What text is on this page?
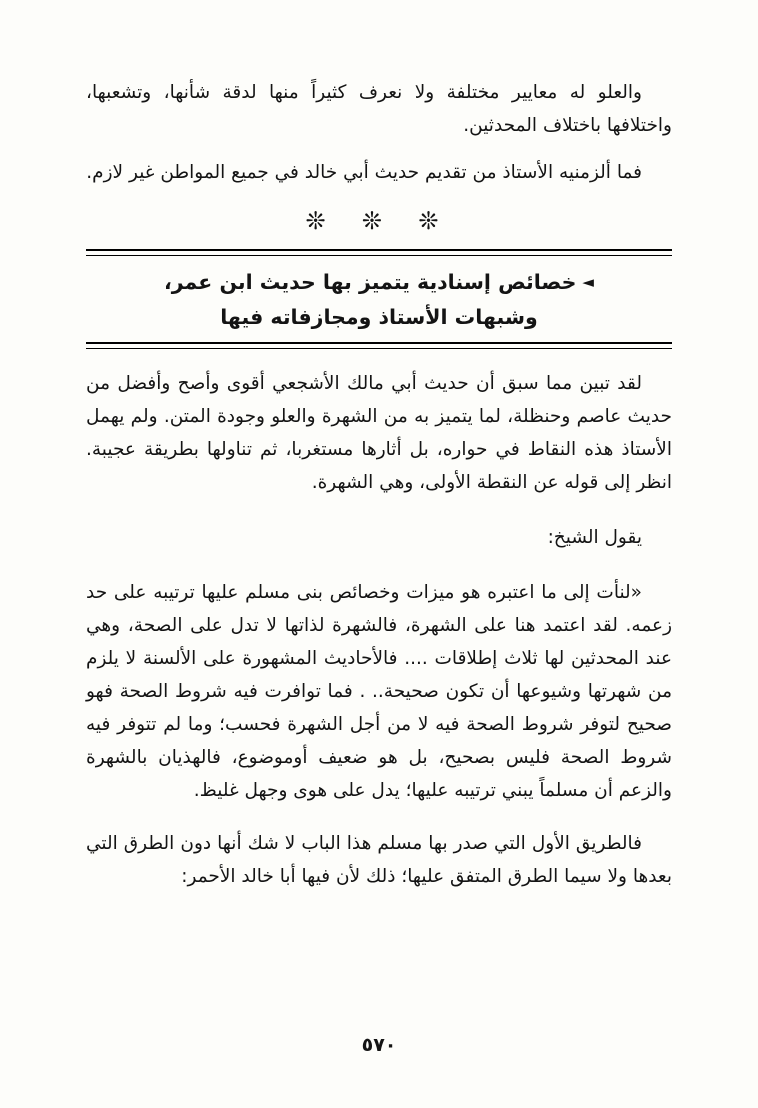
والعلو له معايير مختلفة ولا نعرف كثيراً منها لدقة شأنها، وتشعبها، واختلافها باختلاف المحدثين.

فما ألزمنيه الأستاذ من تقديم حديث أبي خالد في جميع المواطن غير لازم.

❊ ❊ ❊
◄خصائص إسنادية يتميز بها حديث ابن عمر،
وشبهات الأستاذ ومجازفاته فيها

لقد تبين مما سبق أن حديث أبي مالك الأشجعي أقوى وأصح وأفضل من حديث عاصم وحنظلة، لما يتميز به من الشهرة والعلو وجودة المتن. ولم يهمل الأستاذ هذه النقاط في حواره، بل أثارها مستغربا، ثم تناولها بطريقة عجيبة. انظر إلى قوله عن النقطة الأولى، وهي الشهرة.

يقول الشيخ:

«لنأت إلى ما اعتبره هو ميزات وخصائص بنى مسلم عليها ترتيبه على حد زعمه. لقد اعتمد هنا على الشهرة، فالشهرة لذاتها لا تدل على الصحة، وهي عند المحدثين لها ثلاث إطلاقات .... فالأحاديث المشهورة على الألسنة لا يلزم من شهرتها وشيوعها أن تكون صحيحة.. . فما توافرت فيه شروط الصحة فهو صحيح لتوفر شروط الصحة فيه لا من أجل الشهرة فحسب؛ وما لم تتوفر فيه شروط الصحة فليس بصحيح، بل هو ضعيف أوموضوع، فالهذيان بالشهرة والزعم أن مسلماً يبني ترتيبه عليها؛ يدل على هوى وجهل غليظ.

فالطريق الأول التي صدر بها مسلم هذا الباب لا شك أنها دون الطرق التي بعدها ولا سيما الطرق المتفق عليها؛ ذلك لأن فيها أبا خالد الأحمر:

٥٧٠
